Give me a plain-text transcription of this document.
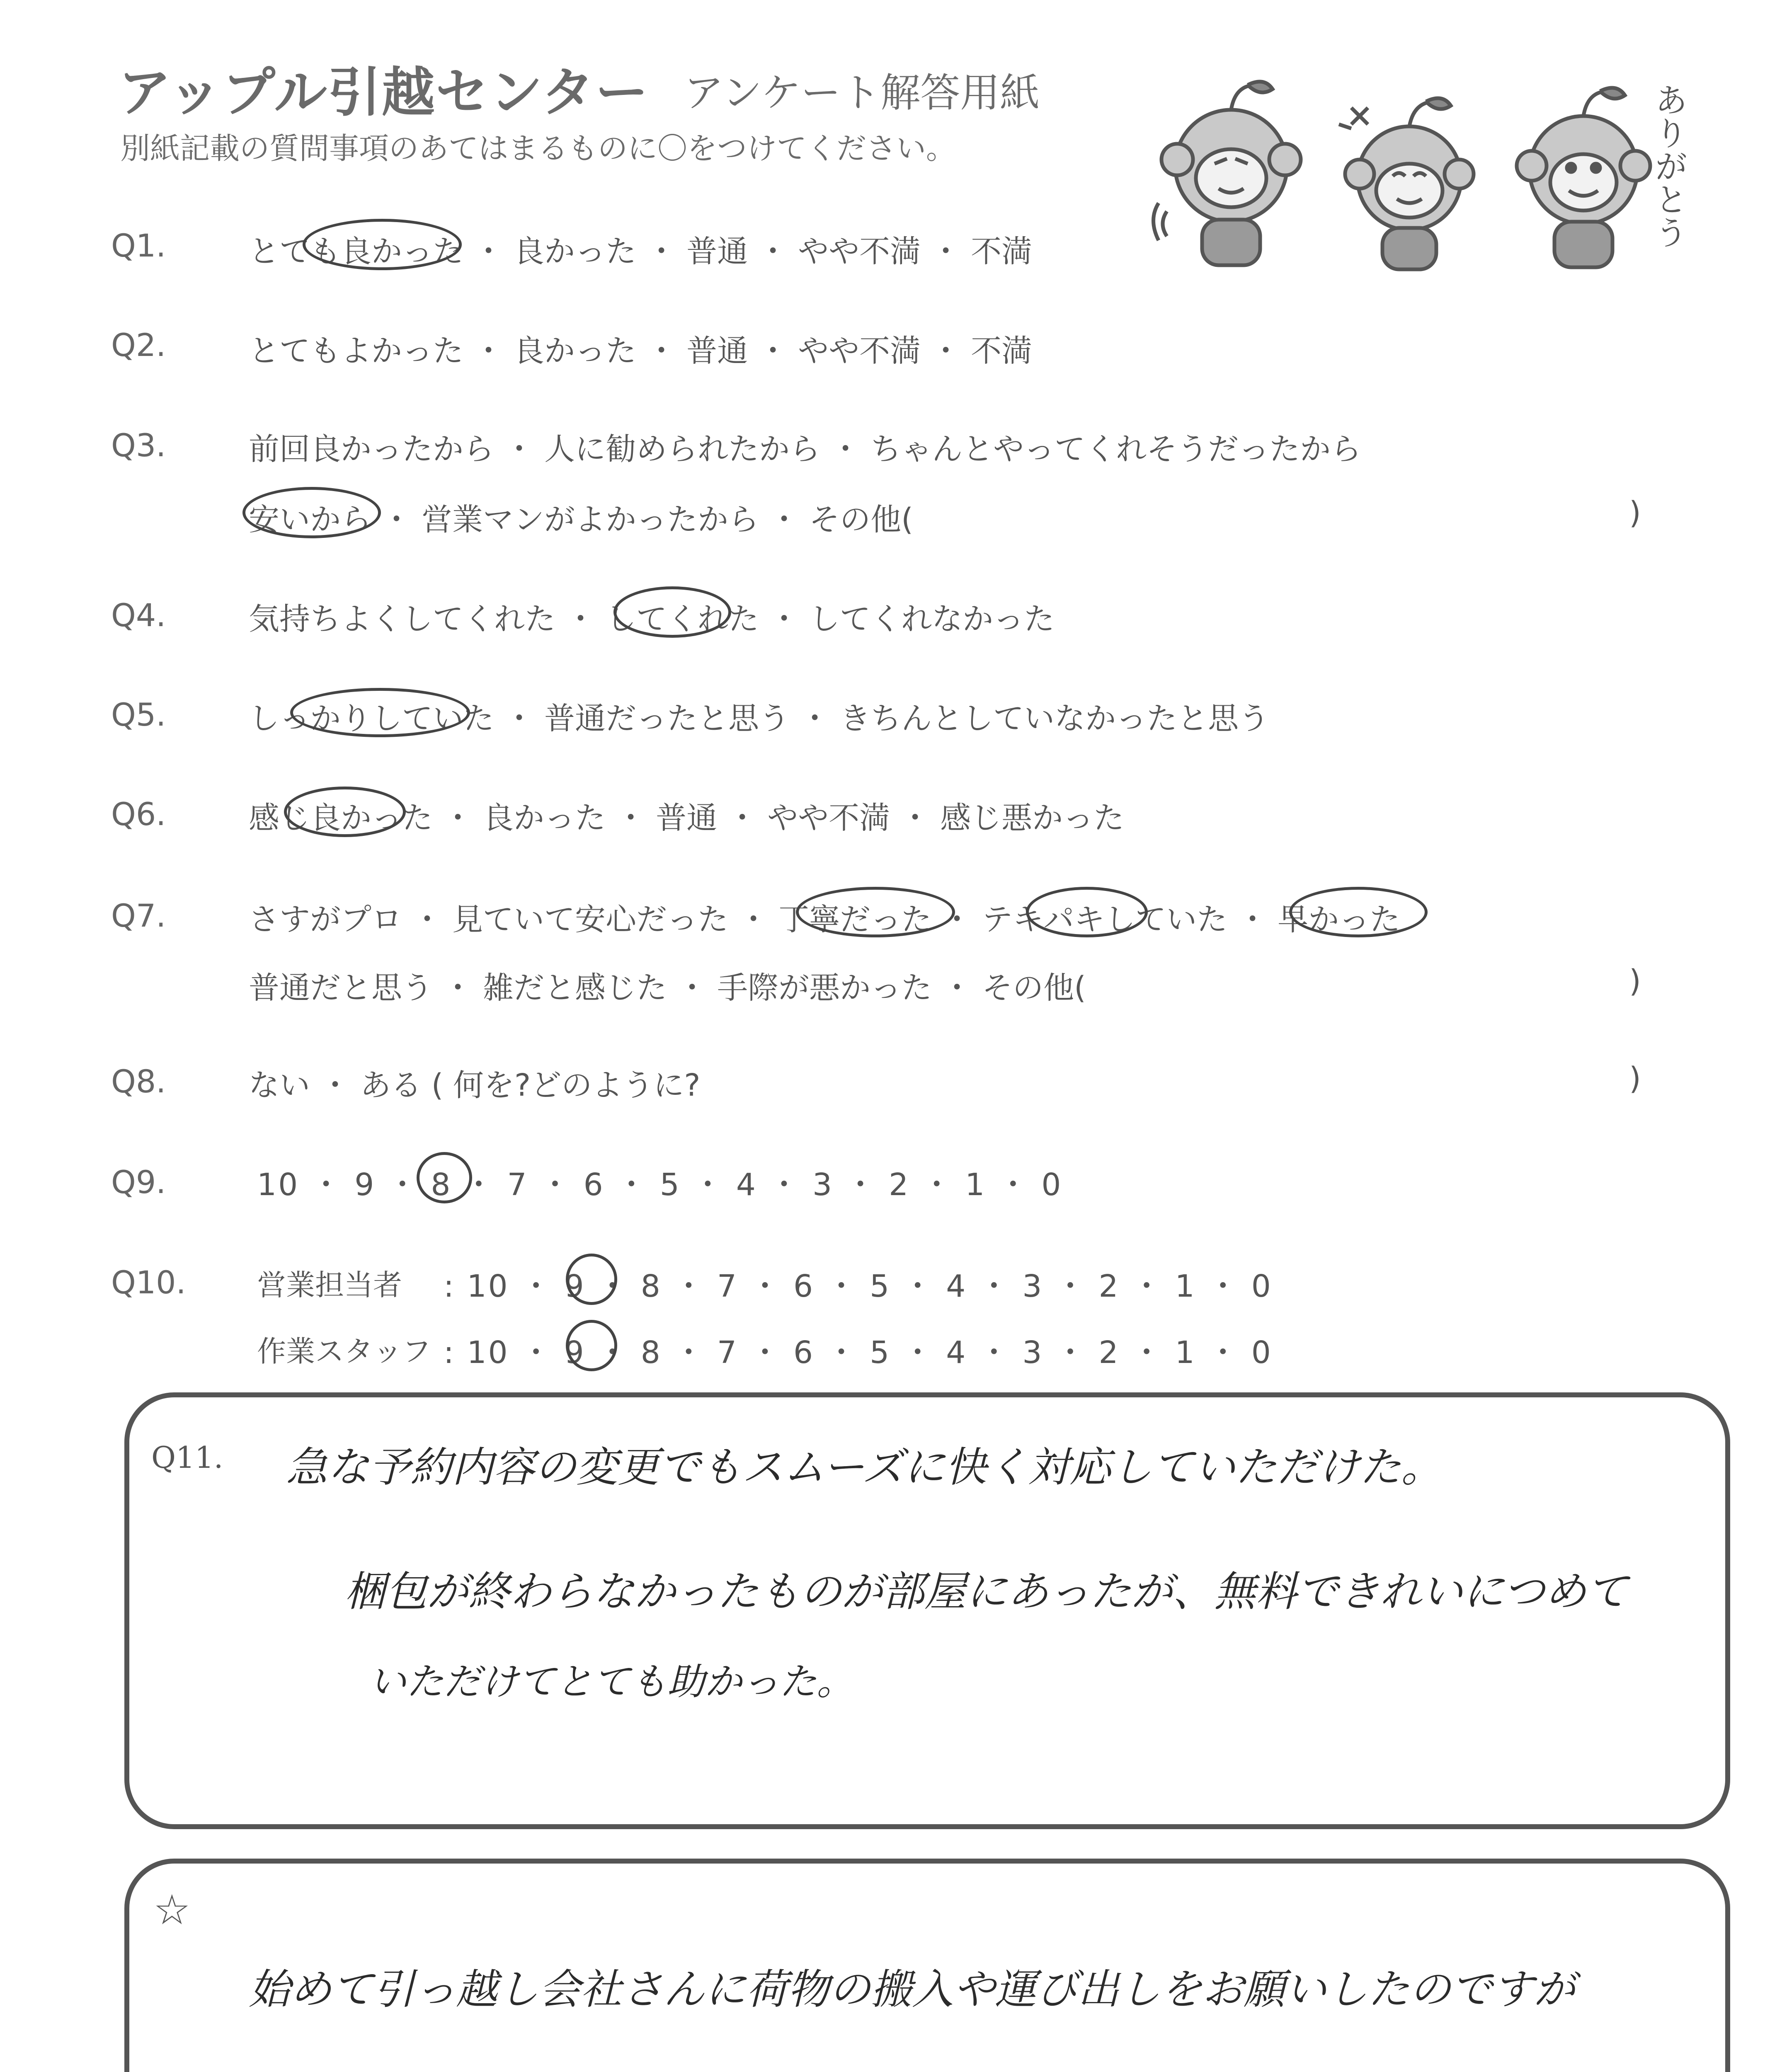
アップル引越センター アンケート解答用紙
別紙記載の質問事項のあてはまるものに〇をつけてください。	ありがとう
Q1.	とても良かった ・ 良かった ・ 普通 ・ やや不満 ・ 不満
Q2.	とてもよかった ・ 良かった ・ 普通 ・ やや不満 ・ 不満
Q3.	前回良かったから ・ 人に勧められたから ・ ちゃんとやってくれそうだったから
安いから ・ 営業マンがよかったから ・ その他(	)
Q4.	気持ちよくしてくれた ・ してくれた ・ してくれなかった
Q5.	しっかりしていた ・ 普通だったと思う ・ きちんとしていなかったと思う
Q6.	感じ良かった ・ 良かった ・ 普通 ・ やや不満 ・ 感じ悪かった
Q7.	さすがプロ ・ 見ていて安心だった ・ 丁寧だった ・ テキパキしていた ・ 早かった
普通だと思う ・ 雑だと感じた ・ 手際が悪かった ・ その他(	)
Q8.	ない ・ ある ( 何を?どのように?	)
Q9.	10 ・ 9 ・ 8 ・ 7 ・ 6 ・ 5 ・ 4 ・ 3 ・ 2 ・ 1 ・ 0
Q10. 営業担当者 : 10 ・ 9 ・ 8 ・ 7 ・ 6 ・ 5 ・ 4 ・ 3 ・ 2 ・ 1 ・ 0
作業スタッフ : 10 ・ 9 ・ 8 ・ 7 ・ 6 ・ 5 ・ 4 ・ 3 ・ 2 ・ 1 ・ 0
Q11. 急な予約内容の変更でもスムーズに快く対応していただけた。
梱包が終わらなかったものが部屋にあったが、無料できれいにつめて
いただけてとても助かった。
☆
始めて引っ越し会社さんに荷物の搬入や運び出しをお願いしたのですが
